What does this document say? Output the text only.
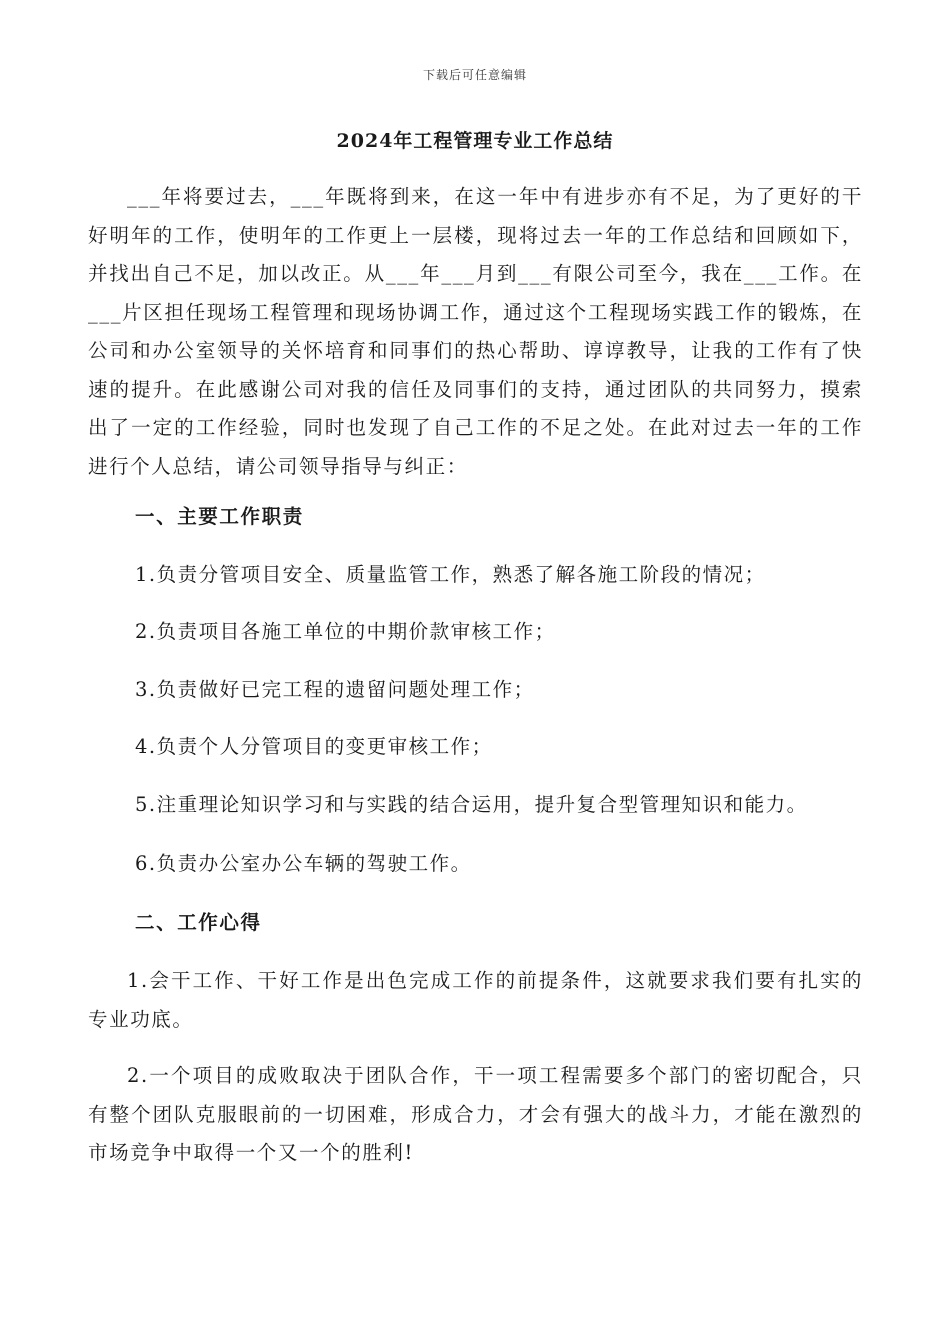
下载后可任意编辑
2024年工程管理专业工作总结
___年将要过去，___年既将到来，在这一年中有进步亦有不足，为了更好的干好明年的工作，使明年的工作更上一层楼，现将过去一年的工作总结和回顾如下，并找出自己不足，加以改正。从___年___月到___有限公司至今，我在___工作。在___片区担任现场工程管理和现场协调工作，通过这个工程现场实践工作的锻炼，在公司和办公室领导的关怀培育和同事们的热心帮助、谆谆教导，让我的工作有了快速的提升。在此感谢公司对我的信任及同事们的支持，通过团队的共同努力，摸索出了一定的工作经验，同时也发现了自己工作的不足之处。在此对过去一年的工作进行个人总结，请公司领导指导与纠正：
一、主要工作职责
1.负责分管项目安全、质量监管工作，熟悉了解各施工阶段的情况；
2.负责项目各施工单位的中期价款审核工作；
3.负责做好已完工程的遗留问题处理工作；
4.负责个人分管项目的变更审核工作；
5.注重理论知识学习和与实践的结合运用，提升复合型管理知识和能力。
6.负责办公室办公车辆的驾驶工作。
二、工作心得
1.会干工作、干好工作是出色完成工作的前提条件，这就要求我们要有扎实的专业功底。
2.一个项目的成败取决于团队合作，干一项工程需要多个部门的密切配合，只有整个团队克服眼前的一切困难，形成合力，才会有强大的战斗力，才能在激烈的市场竞争中取得一个又一个的胜利!
